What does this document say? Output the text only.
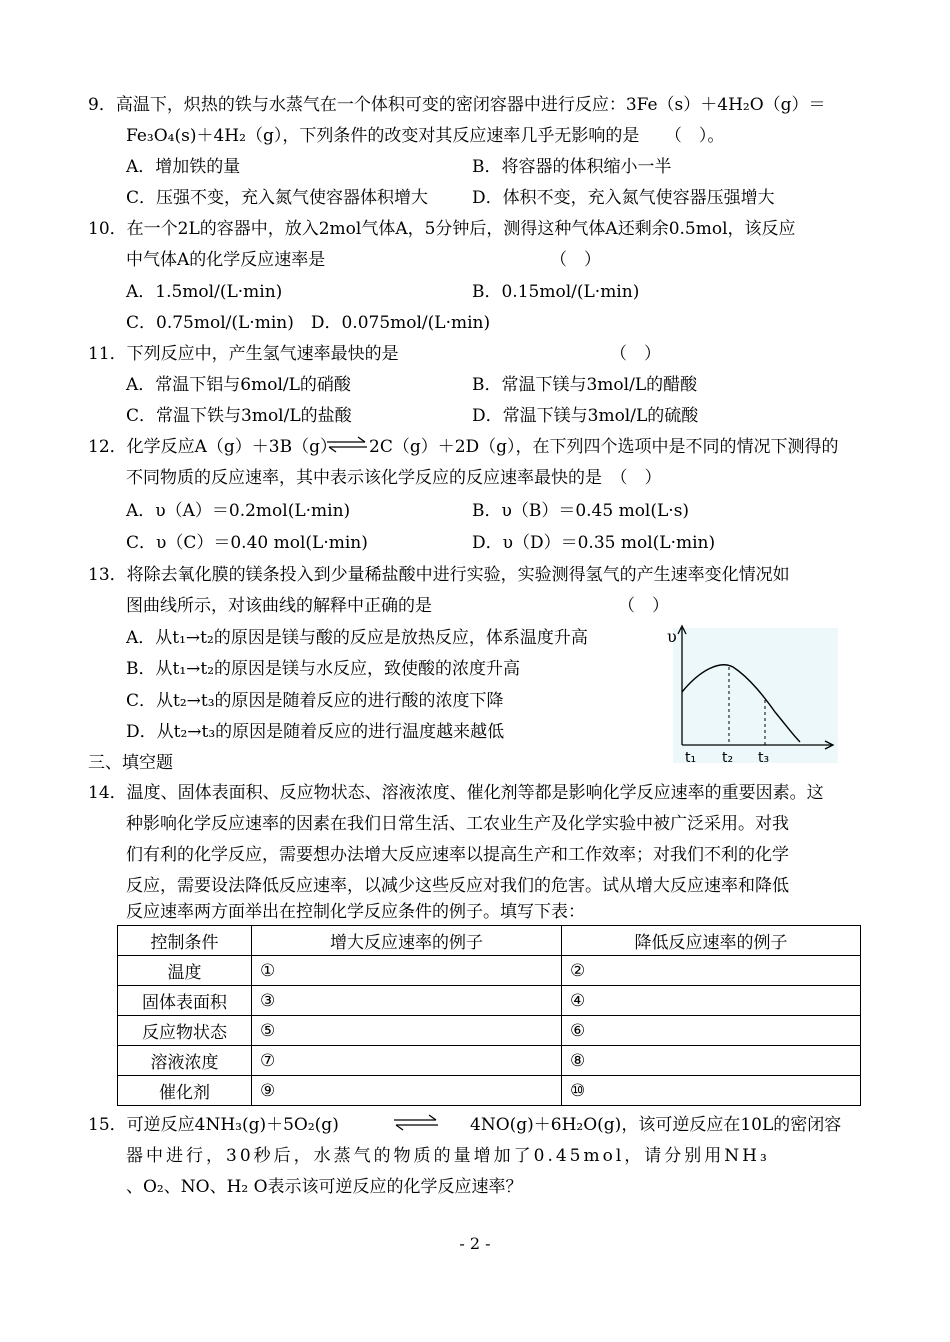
9．高温下，炽热的铁与水蒸气在一个体积可变的密闭容器中进行反应：3Fe（s）＋4H₂O（g）＝
Fe₃O₄(s)＋4H₂（g），下列条件的改变对其反应速率几乎无影响的是　　（　）。
A．增加铁的量	B．将容器的体积缩小一半
C．压强不变，充入氮气使容器体积增大	D．体积不变，充入氮气使容器压强增大
10．在一个2L的容器中，放入2mol气体A，5分钟后，测得这种气体A还剩余0.5mol，该反应
中气体A的化学反应速率是	（　）
A．1.5mol/(L·min)	B．0.15mol/(L·min)
C．0.75mol/(L·min)　D．0.075mol/(L·min)
11．下列反应中，产生氢气速率最快的是	（　）
A．常温下铝与6mol/L的硝酸	B．常温下镁与3mol/L的醋酸
C．常温下铁与3mol/L的盐酸	D．常温下镁与3mol/L的硫酸
12．化学反应A（g）＋3B（g） ⇌ 2C（g）＋2D（g），在下列四个选项中是不同的情况下测得的
不同物质的反应速率，其中表示该化学反应的反应速率最快的是　（　）
A．υ（A）＝0.2mol(L·min)	B．υ（B）＝0.45 mol(L·s)
C．υ（C）＝0.40 mol(L·min)	D．υ（D）＝0.35 mol(L·min)
13．将除去氧化膜的镁条投入到少量稀盐酸中进行实验，实验测得氢气的产生速率变化情况如
图曲线所示，对该曲线的解释中正确的是	（　）
A．从t₁→t₂的原因是镁与酸的反应是放热反应，体系温度升高
B．从t₁→t₂的原因是镁与水反应，致使酸的浓度升高
C．从t₂→t₃的原因是随着反应的进行酸的浓度下降
D．从t₂→t₃的原因是随着反应的进行温度越来越低
υ
t₁ t₂ t₃
三、填空题
14．温度、固体表面积、反应物状态、溶液浓度、催化剂等都是影响化学反应速率的重要因素。这
种影响化学反应速率的因素在我们日常生活、工农业生产及化学实验中被广泛采用。对我
们有利的化学反应，需要想办法增大反应速率以提高生产和工作效率；对我们不利的化学
反应，需要设法降低反应速率，以减少这些反应对我们的危害。试从增大反应速率和降低
反应速率两方面举出在控制化学反应条件的例子。填写下表：
控制条件	增大反应速率的例子	降低反应速率的例子
温度	①	②
固体表面积	③	④
反应物状态	⑤	⑥
溶液浓度	⑦	⑧
催化剂	⑨	⑩
15．可逆反应4NH₃(g)＋5O₂(g)	4NO(g)＋6H₂O(g)，该可逆反应在10L的密闭容
器中进行，30秒后，水蒸气的物质的量增加了0.45mol，请分别用NH₃
、O₂、NO、H₂ O表示该可逆反应的化学反应速率？
- 2 -
